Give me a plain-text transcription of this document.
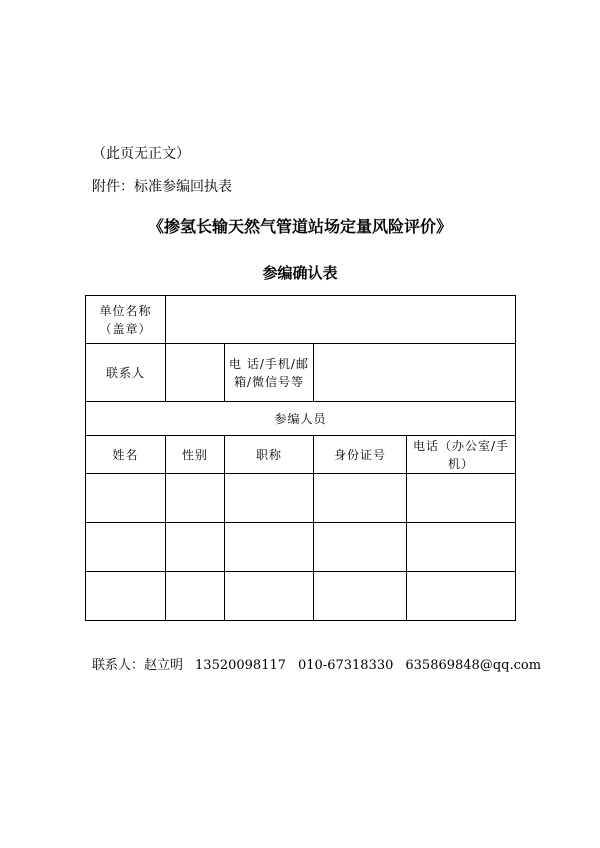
（此页无正文）
附件：标准参编回执表
《掺氢长输天然气管道站场定量风险评价》
参编确认表
单位名称（盖章）				
联系人		电 话/手机/邮箱/微信号等		
参编人员				
姓名	性别	职称	身份证号	电话（办公室/手机）

联系人：赵立明 13520098117 010-67318330 635869848@qq.com
